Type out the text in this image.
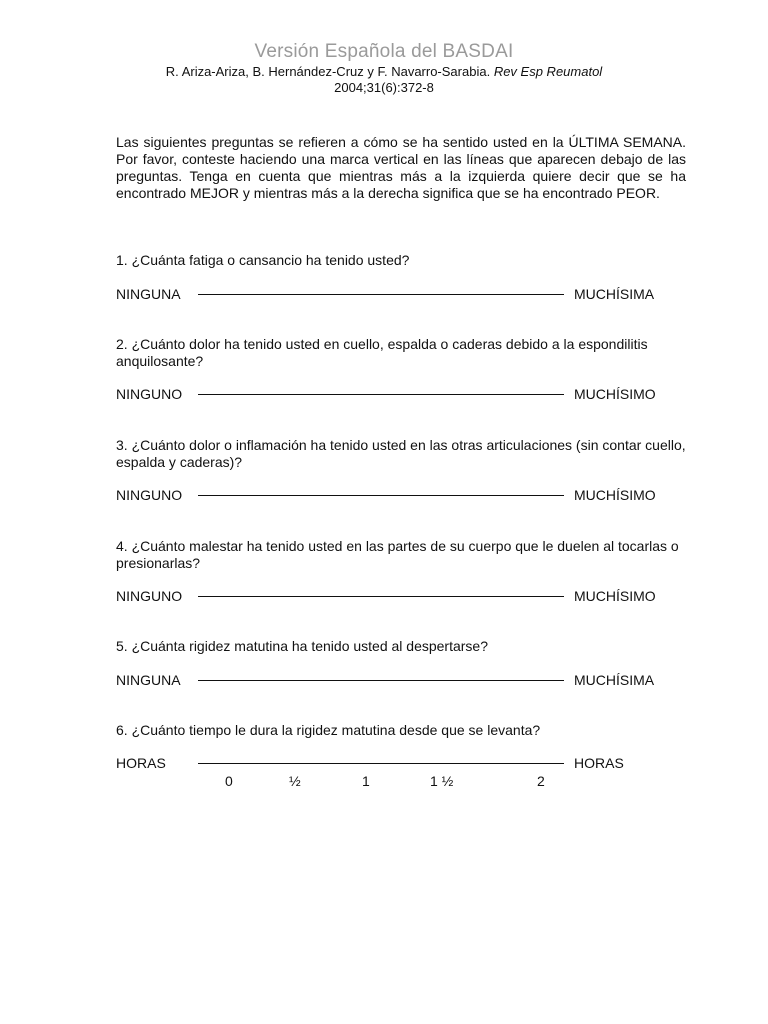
Versión Española del BASDAI
R. Ariza-Ariza, B. Hernández-Cruz y F. Navarro-Sarabia. Rev Esp Reumatol
2004;31(6):372-8
Las siguientes preguntas se refieren a cómo se ha sentido usted en la ÚLTIMA SEMANA. Por favor, conteste haciendo una marca vertical en las líneas que aparecen debajo de las preguntas. Tenga en cuenta que mientras más a la izquierda quiere decir que se ha encontrado MEJOR y mientras más a la derecha significa que se ha encontrado PEOR.
1. ¿Cuánta fatiga o cansancio ha tenido usted?
NINGUNA	MUCHÍSIMA
2. ¿Cuánto dolor ha tenido usted en cuello, espalda o caderas debido a la espondilitis anquilosante?
NINGUNO	MUCHÍSIMO
3. ¿Cuánto dolor o inflamación ha tenido usted en las otras articulaciones (sin contar cuello, espalda y caderas)?
NINGUNO	MUCHÍSIMO
4. ¿Cuánto malestar ha tenido usted en las partes de su cuerpo que le duelen al tocarlas o presionarlas?
NINGUNO	MUCHÍSIMO
5. ¿Cuánta rigidez matutina ha tenido usted al despertarse?
NINGUNA	MUCHÍSIMA
6. ¿Cuánto tiempo le dura la rigidez matutina desde que se levanta?
HORAS	HORAS
0	½	1	1 ½	2
